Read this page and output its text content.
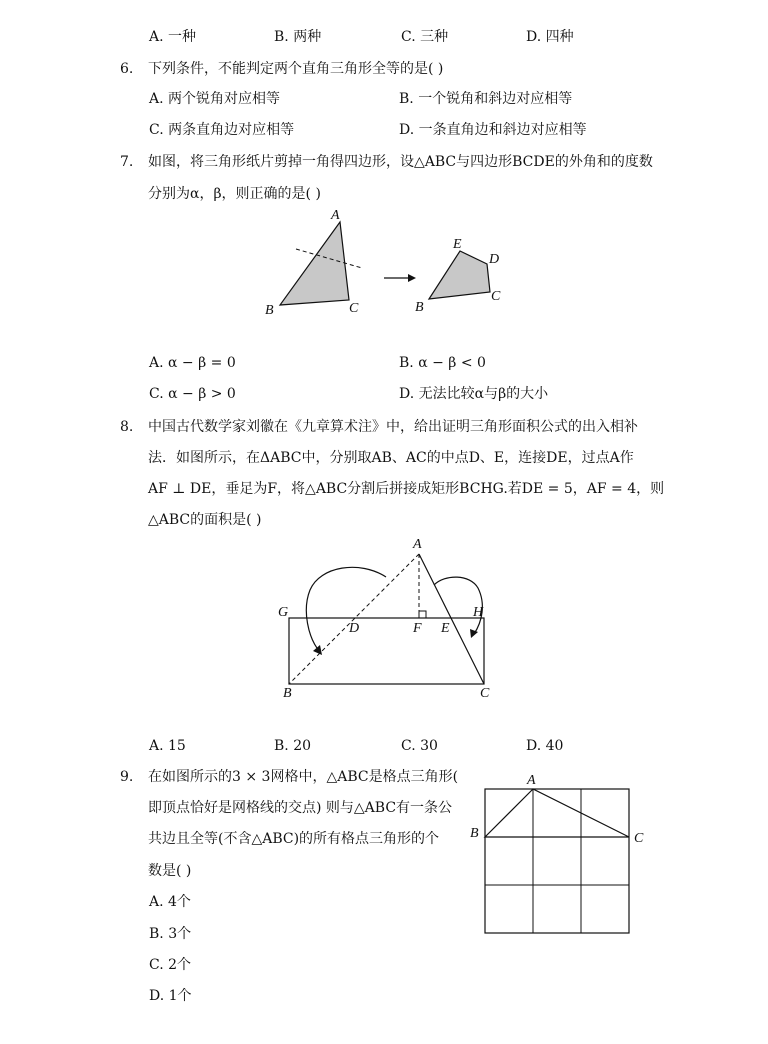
A. 一种	B. 两种	C. 三种	D. 四种
6. 下列条件，不能判定两个直角三角形全等的是( )
A. 两个锐角对应相等	B. 一个锐角和斜边对应相等
C. 两条直角边对应相等	D. 一条直角边和斜边对应相等
7. 如图，将三角形纸片剪掉一角得四边形，设△ABC与四边形BCDE的外角和的度数
分别为α，β，则正确的是( )
A
B	C
E
D
B
C
A. α − β = 0	B. α − β < 0
C. α − β > 0	D. 无法比较α与β的大小
8. 中国古代数学家刘徽在《九章算术注》中，给出证明三角形面积公式的出入相补
法．如图所示，在ΔABC中，分别取AB、AC的中点D、E，连接DE，过点A作
AF ⊥ DE，垂足为F，将△ABC分割后拼接成矩形BCHG.若DE = 5，AF = 4，则
△ABC的面积是( )
A
G	H
D	F E
B	C
A. 15	B. 20	C. 30	D. 40
9. 在如图所示的3 × 3网格中，△ABC是格点三角形(
即顶点恰好是网格线的交点) 则与△ABC有一条公
共边且全等(不含△ABC)的所有格点三角形的个
数是( )
A
B	C
A. 4个
B. 3个
C. 2个
D. 1个
